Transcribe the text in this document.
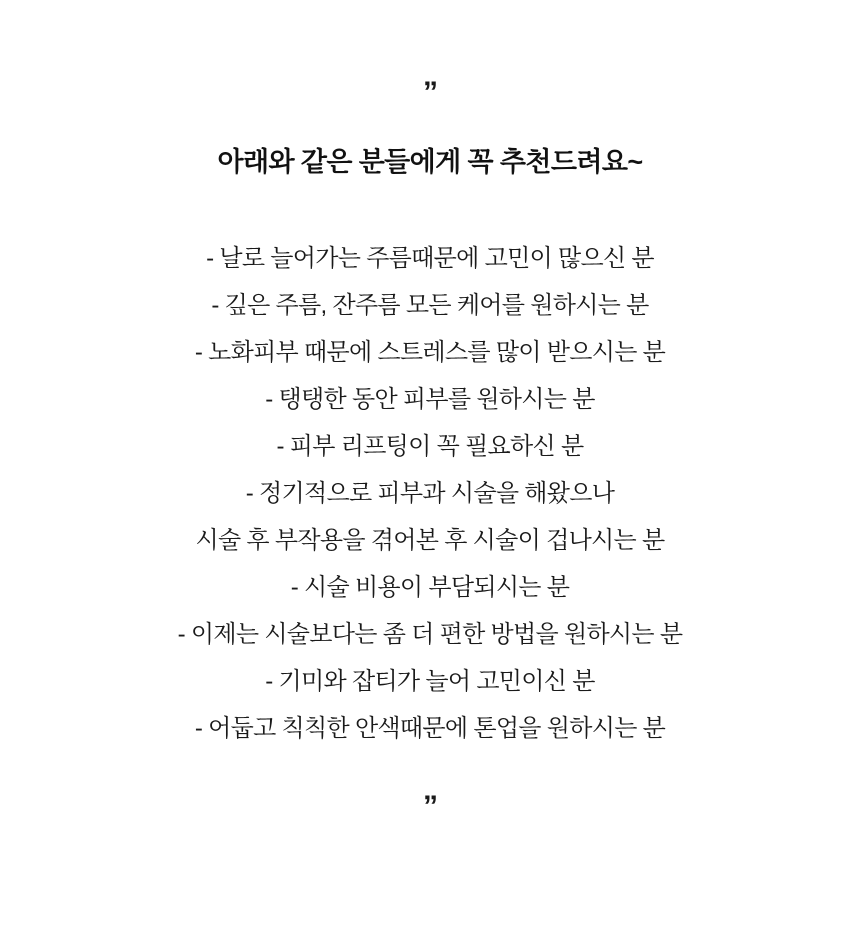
”
아래와 같은 분들에게 꼭 추천드려요~
- 날로 늘어가는 주름때문에 고민이 많으신 분
- 깊은 주름, 잔주름 모든 케어를 원하시는 분
- 노화피부 때문에 스트레스를 많이 받으시는 분
- 탱탱한 동안 피부를 원하시는 분
- 피부 리프팅이 꼭 필요하신 분
- 정기적으로 피부과 시술을 해왔으나
시술 후 부작용을 겪어본 후 시술이 겁나시는 분
- 시술 비용이 부담되시는 분
- 이제는 시술보다는 좀 더 편한 방법을 원하시는 분
- 기미와 잡티가 늘어 고민이신 분
- 어둡고 칙칙한 안색때문에 톤업을 원하시는 분
”
